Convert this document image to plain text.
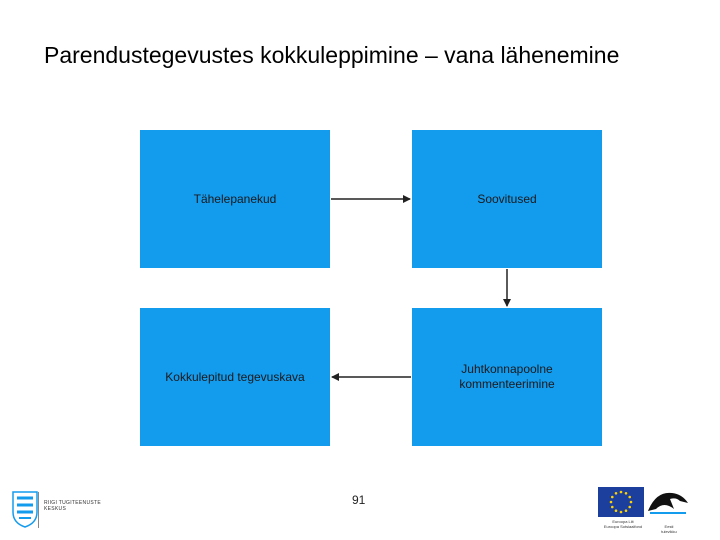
Parendustegevustes kokkuleppimine – vana lähenemine
Tähelepanekud	Soovitused
Kokkulepitud tegevuskava
Juhtkonnapoolne
kommenteerimine
91
RIIGI TUGITEENUSTE
KESKUS
Euroopa Liit
Euroopa Sotsiaalfond	Eesti
tulevikku
